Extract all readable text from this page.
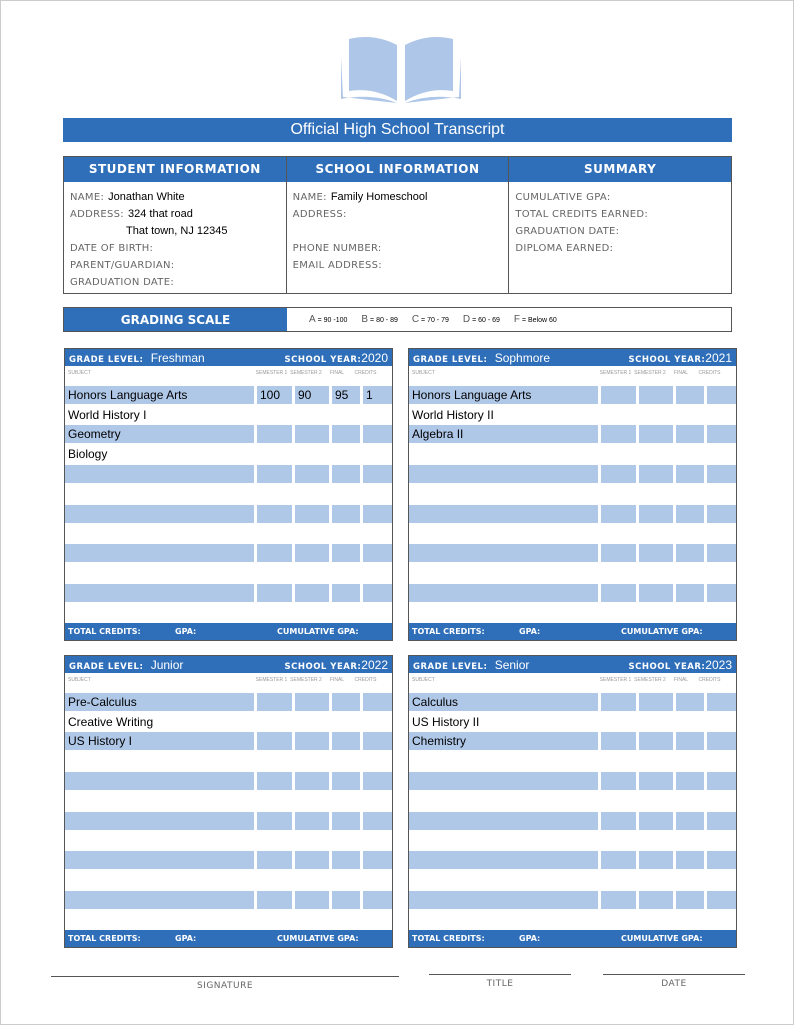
Official High School Transcript
STUDENT INFORMATION
NAME: Jonathan White
ADDRESS: 324 that road
That town, NJ 12345
DATE OF BIRTH:
PARENT/GUARDIAN:
GRADUATION DATE:
SCHOOL INFORMATION
NAME: Family Homeschool
ADDRESS:
PHONE NUMBER:
EMAIL ADDRESS:
SUMMARY
CUMULATIVE GPA:
TOTAL CREDITS EARNED:
GRADUATION DATE:
DIPLOMA EARNED:
GRADING SCALE	A = 90 -100 B = 80 - 89 C = 70 - 79 D = 60 - 69 F = Below 60
GRADE LEVEL: Freshman	SCHOOL YEAR:2020
SUBJECT	SEMESTER 1 SEMESTER 2	FINAL	CREDITS
Honors Language Arts	100	90	95	1
World History I
Geometry
Biology
TOTAL CREDITS:	GPA:	CUMULATIVE GPA:
GRADE LEVEL: Sophmore	SCHOOL YEAR:2021
SUBJECT	SEMESTER 1 SEMESTER 2	FINAL	CREDITS
Honors Language Arts
World History II
Algebra II
TOTAL CREDITS:	GPA:	CUMULATIVE GPA:
GRADE LEVEL: Junior	SCHOOL YEAR:2022
SUBJECT	SEMESTER 1 SEMESTER 2	FINAL	CREDITS
Pre-Calculus
Creative Writing
US History I
TOTAL CREDITS:	GPA:	CUMULATIVE GPA:
GRADE LEVEL: Senior	SCHOOL YEAR:2023
SUBJECT	SEMESTER 1 SEMESTER 2	FINAL	CREDITS
Calculus
US History II
Chemistry
TOTAL CREDITS:	GPA:	CUMULATIVE GPA:
SIGNATURE	TITLE	DATE
